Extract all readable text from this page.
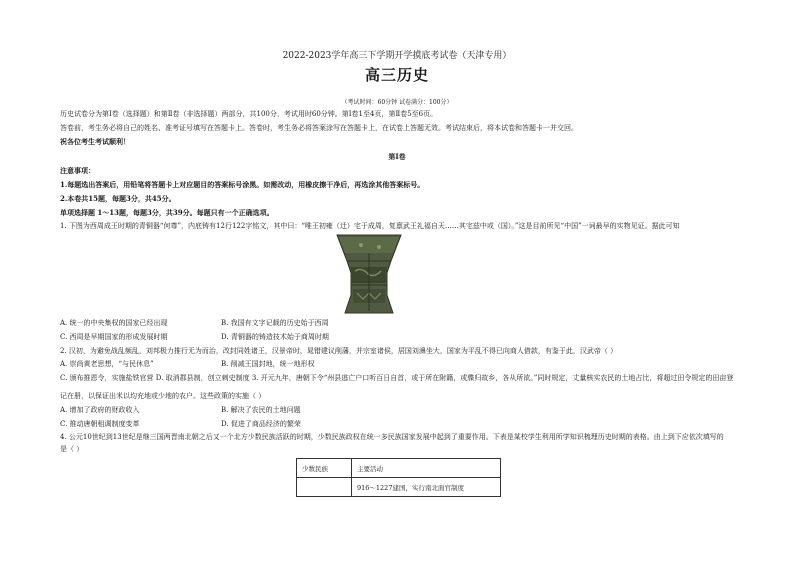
2022-2023学年高三下学期开学摸底考试卷（天津专用）
高三历史
（考试时间：60分钟 试卷满分：100分）
历史试卷分为第Ⅰ卷（选择题）和第Ⅱ卷（非选择题）两部分，共100分，考试用时60分钟。第Ⅰ卷1至4页，第Ⅱ卷5至6页。
答卷前，考生务必将自己的姓名、准考证号填写在答题卡上。答卷时，考生务必将答案涂写在答题卡上，在试卷上答题无效。考试结束后，将本试卷和答题卡一并交回。
祝各位考生考试顺利！
第Ⅰ卷
注意事项：
1.每题选出答案后，用铅笔将答题卡上对应题目的答案标号涂黑。如需改动，用橡皮擦干净后，再选涂其他答案标号。
2.本卷共15题，每题3分，共45分。
单项选择题 1～13题，每题3分，共39分。每题只有一个正确选项。
1. 下图为西周成王时期的青铜器“何尊”，内底铸有12行122字铭文，其中曰：“唯王初雍（迁）宅于成周，复禀武王礼福自天……其宅兹中或（国）。”这是目前所见“中国”一词最早的实物见证。据此可知
A. 统一的中央集权的国家已经出现	B. 我国有文字记载的历史始于西周
C. 西周是早期国家的形成发展时期	D. 青铜器的铸造技术始于商周时期
2. 汉初，为避免战乱频乱，刘邦极力推行无为而治，改封同姓诸王，汉景帝时，晁错建议削藩，并宗室诸侯，居国刘濞坐大，国家为平乱不得已向商人借款，有鉴于此，汉武帝（ ）
A. 崇尚黄老思想，“与民休息”	B. 削减王国封地，统一地形权
C. 颁布推恩令，实施盐铁官营 D. 取消郡县制，创立刺史制度 3. 开元九年，唐朝下令“州县逃亡户口听百日自首，或于所在附籍，或牒归故乡，各从所欲。”同时规定，丈量核实农民的土地占比，将超过田令规定的田亩登
记在册，以保证出米以均充地或少地的农户。这些政策的实施（ ）
A. 增加了政府的财政收入	B. 解决了农民的土地问题
C. 推动唐朝租调制度变革	D. 促进了商品经济的繁荣
4. 公元10世纪到13世纪是继三国两晋南北朝之后又一个北方少数民族活跃的时期，少数民族政权在统一多民族国家发展中起到了重要作用。下表是某校学生利用所学知识梳理历史时期的表格。由上到下应依次填写的
是（ ）
少数民族	主要活动
	916～1227建国，实行南北面官制度
